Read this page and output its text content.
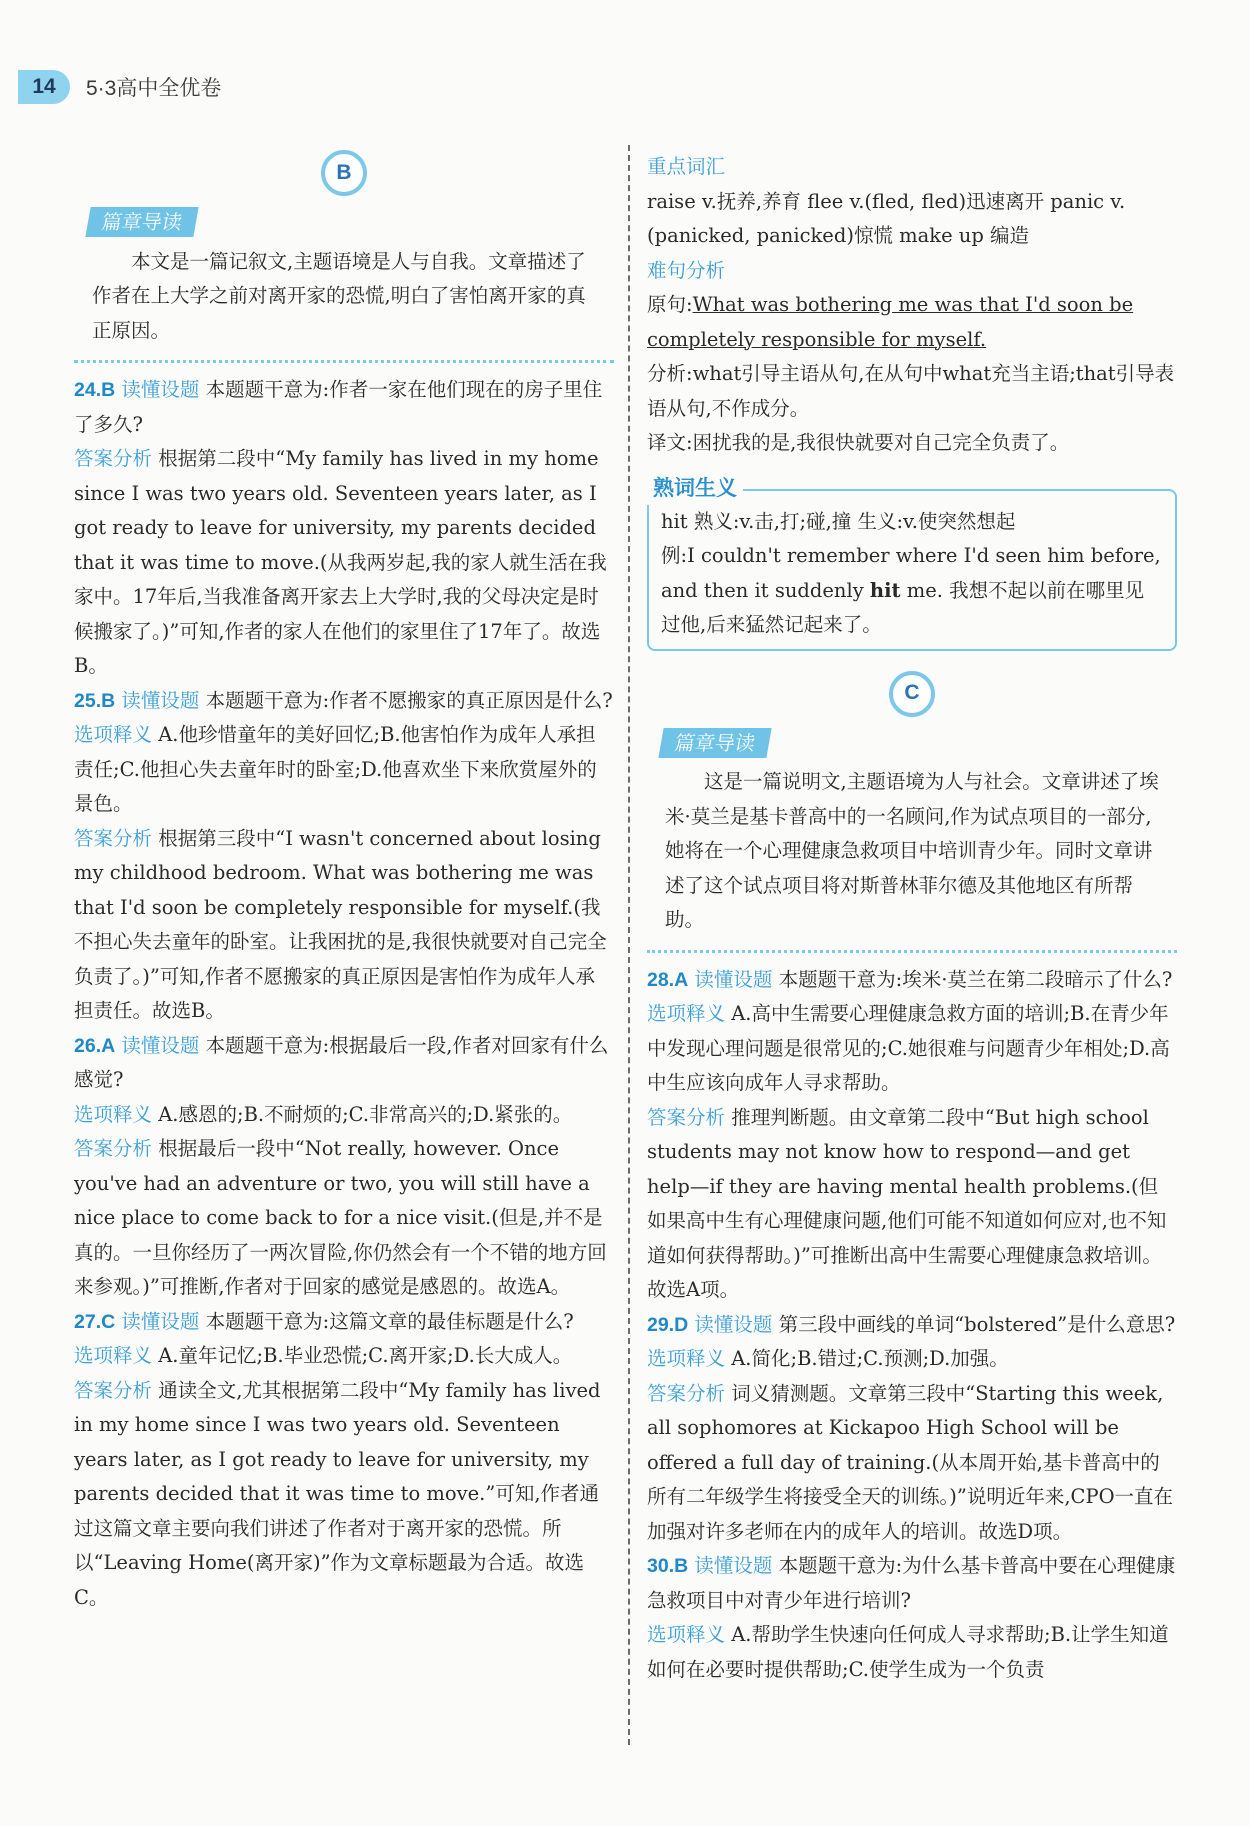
14	5·3高中全优卷
B
篇章导读

本文是一篇记叙文,主题语境是人与自我。文章描述了作者在上大学之前对离开家的恐慌,明白了害怕离开家的真正原因。

24.B 读懂设题 本题题干意为:作者一家在他们现在的房子里住了多久?

答案分析 根据第二段中“My family has lived in my home since I was two years old. Seventeen years later, as I got ready to leave for university, my parents decided that it was time to move.(从我两岁起,我的家人就生活在我家中。17年后,当我准备离开家去上大学时,我的父母决定是时候搬家了。)”可知,作者的家人在他们的家里住了17年了。故选B。

25.B 读懂设题 本题题干意为:作者不愿搬家的真正原因是什么?

选项释义 A.他珍惜童年的美好回忆;B.他害怕作为成年人承担责任;C.他担心失去童年时的卧室;D.他喜欢坐下来欣赏屋外的景色。

答案分析 根据第三段中“I wasn't concerned about losing my childhood bedroom. What was bothering me was that I'd soon be completely responsible for myself.(我不担心失去童年的卧室。让我困扰的是,我很快就要对自己完全负责了。)”可知,作者不愿搬家的真正原因是害怕作为成年人承担责任。故选B。

26.A 读懂设题 本题题干意为:根据最后一段,作者对回家有什么感觉?

选项释义 A.感恩的;B.不耐烦的;C.非常高兴的;D.紧张的。

答案分析 根据最后一段中“Not really, however. Once you've had an adventure or two, you will still have a nice place to come back to for a nice visit.(但是,并不是真的。一旦你经历了一两次冒险,你仍然会有一个不错的地方回来参观。)”可推断,作者对于回家的感觉是感恩的。故选A。

27.C 读懂设题 本题题干意为:这篇文章的最佳标题是什么?

选项释义 A.童年记忆;B.毕业恐慌;C.离开家;D.长大成人。

答案分析 通读全文,尤其根据第二段中“My family has lived in my home since I was two years old. Seventeen years later, as I got ready to leave for university, my parents decided that it was time to move.”可知,作者通过这篇文章主要向我们讲述了作者对于离开家的恐慌。所以“Leaving Home(离开家)”作为文章标题最为合适。故选C。

重点词汇

raise v.抚养,养育 flee v.(fled, fled)迅速离开 panic v.(panicked, panicked)惊慌 make up 编造

难句分析

原句:What was bothering me was that I'd soon be completely responsible for myself.

分析:what引导主语从句,在从句中what充当主语;that引导表语从句,不作成分。

译文:困扰我的是,我很快就要对自己完全负责了。

熟词生义

hit 熟义:v.击,打;碰,撞 生义:v.使突然想起

例:I couldn't remember where I'd seen him before, and then it suddenly hit me. 我想不起以前在哪里见过他,后来猛然记起来了。

C
篇章导读

这是一篇说明文,主题语境为人与社会。文章讲述了埃米·莫兰是基卡普高中的一名顾问,作为试点项目的一部分,她将在一个心理健康急救项目中培训青少年。同时文章讲述了这个试点项目将对斯普林菲尔德及其他地区有所帮助。

28.A 读懂设题 本题题干意为:埃米·莫兰在第二段暗示了什么?

选项释义 A.高中生需要心理健康急救方面的培训;B.在青少年中发现心理问题是很常见的;C.她很难与问题青少年相处;D.高中生应该向成年人寻求帮助。

答案分析 推理判断题。由文章第二段中“But high school students may not know how to respond—and get help—if they are having mental health problems.(但如果高中生有心理健康问题,他们可能不知道如何应对,也不知道如何获得帮助。)”可推断出高中生需要心理健康急救培训。故选A项。

29.D 读懂设题 第三段中画线的单词“bolstered”是什么意思?

选项释义 A.简化;B.错过;C.预测;D.加强。

答案分析 词义猜测题。文章第三段中“Starting this week, all sophomores at Kickapoo High School will be offered a full day of training.(从本周开始,基卡普高中的所有二年级学生将接受全天的训练。)”说明近年来,CPO一直在加强对许多老师在内的成年人的培训。故选D项。

30.B 读懂设题 本题题干意为:为什么基卡普高中要在心理健康急救项目中对青少年进行培训?

选项释义 A.帮助学生快速向任何成人寻求帮助;B.让学生知道如何在必要时提供帮助;C.使学生成为一个负责
